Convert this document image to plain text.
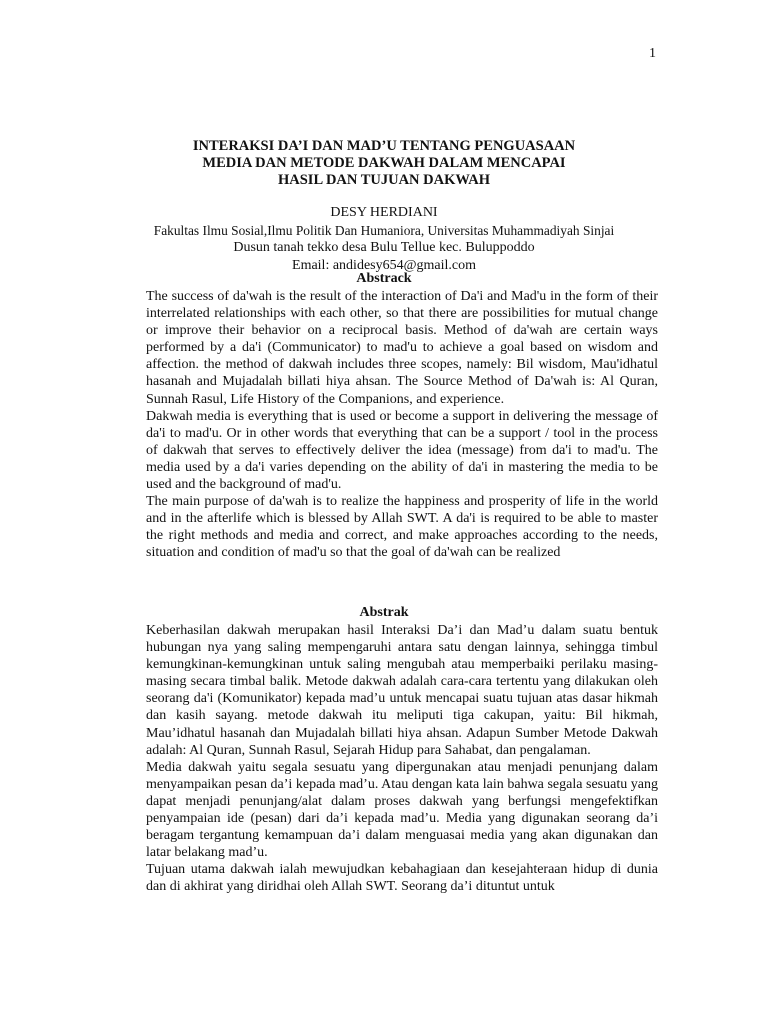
1
INTERAKSI DA’I DAN MAD’U TENTANG PENGUASAAN
MEDIA DAN METODE DAKWAH DALAM MENCAPAI
HASIL DAN TUJUAN DAKWAH
DESY HERDIANI
Fakultas Ilmu Sosial,Ilmu Politik Dan Humaniora, Universitas Muhammadiyah Sinjai
Dusun tanah tekko desa Bulu Tellue kec. Buluppoddo
Email: andidesy654@gmail.com
Abstrack

The success of da'wah is the result of the interaction of Da'i and Mad'u in the form of their interrelated relationships with each other, so that there are possibilities for mutual change or improve their behavior on a reciprocal basis. Method of da'wah are certain ways performed by a da'i (Communicator) to mad'u to achieve a goal based on wisdom and affection. the method of dakwah includes three scopes, namely: Bil wisdom, Mau'idhatul hasanah and Mujadalah billati hiya ahsan. The Source Method of Da'wah is: Al Quran, Sunnah Rasul, Life History of the Companions, and experience.

Dakwah media is everything that is used or become a support in delivering the message of da'i to mad'u. Or in other words that everything that can be a support / tool in the process of dakwah that serves to effectively deliver the idea (message) from da'i to mad'u. The media used by a da'i varies depending on the ability of da'i in mastering the media to be used and the background of mad'u.

The main purpose of da'wah is to realize the happiness and prosperity of life in the world and in the afterlife which is blessed by Allah SWT. A da'i is required to be able to master the right methods and media and correct, and make approaches according to the needs, situation and condition of mad'u so that the goal of da'wah can be realized

Abstrak

Keberhasilan dakwah merupakan hasil Interaksi Da’i dan Mad’u dalam suatu bentuk hubungan nya yang saling mempengaruhi antara satu dengan lainnya, sehingga timbul kemungkinan-kemungkinan untuk saling mengubah atau memperbaiki perilaku masing- masing secara timbal balik. Metode dakwah adalah cara-cara tertentu yang dilakukan oleh seorang da'i (Komunikator) kepada mad’u untuk mencapai suatu tujuan atas dasar hikmah dan kasih sayang. metode dakwah itu meliputi tiga cakupan, yaitu: Bil hikmah, Mau’idhatul hasanah dan Mujadalah billati hiya ahsan. Adapun Sumber Metode Dakwah adalah: Al Quran, Sunnah Rasul, Sejarah Hidup para Sahabat, dan pengalaman.

Media dakwah yaitu segala sesuatu yang dipergunakan atau menjadi penunjang dalam menyampaikan pesan da’i kepada mad’u. Atau dengan kata lain bahwa segala sesuatu yang dapat menjadi penunjang/alat dalam proses dakwah yang berfungsi mengefektifkan penyampaian ide (pesan) dari da’i kepada mad’u. Media yang digunakan seorang da’i beragam tergantung kemampuan da’i dalam menguasai media yang akan digunakan dan latar belakang mad’u.

Tujuan utama dakwah ialah mewujudkan kebahagiaan dan kesejahteraan hidup di dunia dan di akhirat yang diridhai oleh Allah SWT. Seorang da’i dituntut untuk
